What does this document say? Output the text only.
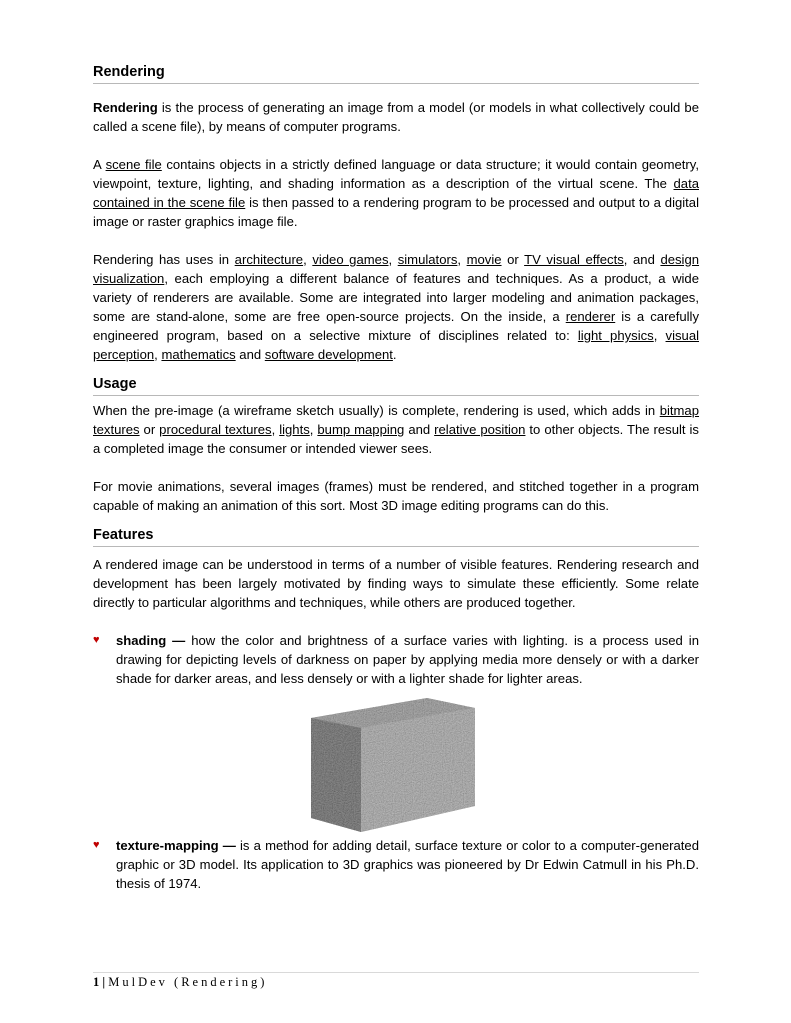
Rendering

Rendering is the process of generating an image from a model (or models in what collectively could be called a scene file), by means of computer programs.

A scene file contains objects in a strictly defined language or data structure; it would contain geometry, viewpoint, texture, lighting, and shading information as a description of the virtual scene. The data contained in the scene file is then passed to a rendering program to be processed and output to a digital image or raster graphics image file.

Rendering has uses in architecture, video games, simulators, movie or TV visual effects, and design visualization, each employing a different balance of features and techniques. As a product, a wide variety of renderers are available. Some are integrated into larger modeling and animation packages, some are stand-alone, some are free open-source projects. On the inside, a renderer is a carefully engineered program, based on a selective mixture of disciplines related to: light physics, visual perception, mathematics and software development.

Usage

When the pre-image (a wireframe sketch usually) is complete, rendering is used, which adds in bitmap textures or procedural textures, lights, bump mapping and relative position to other objects. The result is a completed image the consumer or intended viewer sees.

For movie animations, several images (frames) must be rendered, and stitched together in a program capable of making an animation of this sort. Most 3D image editing programs can do this.

Features

A rendered image can be understood in terms of a number of visible features. Rendering research and development has been largely motivated by finding ways to simulate these efficiently. Some relate directly to particular algorithms and techniques, while others are produced together.

♥ shading — how the color and brightness of a surface varies with lighting. is a process used in drawing for depicting levels of darkness on paper by applying media more densely or with a darker shade for darker areas, and less densely or with a lighter shade for lighter areas.
♥ texture-mapping — is a method for adding detail, surface texture or color to a computer-generated graphic or 3D model. Its application to 3D graphics was pioneered by Dr Edwin Catmull in his Ph.D. thesis of 1974.
1 | MulDev (Rendering)
